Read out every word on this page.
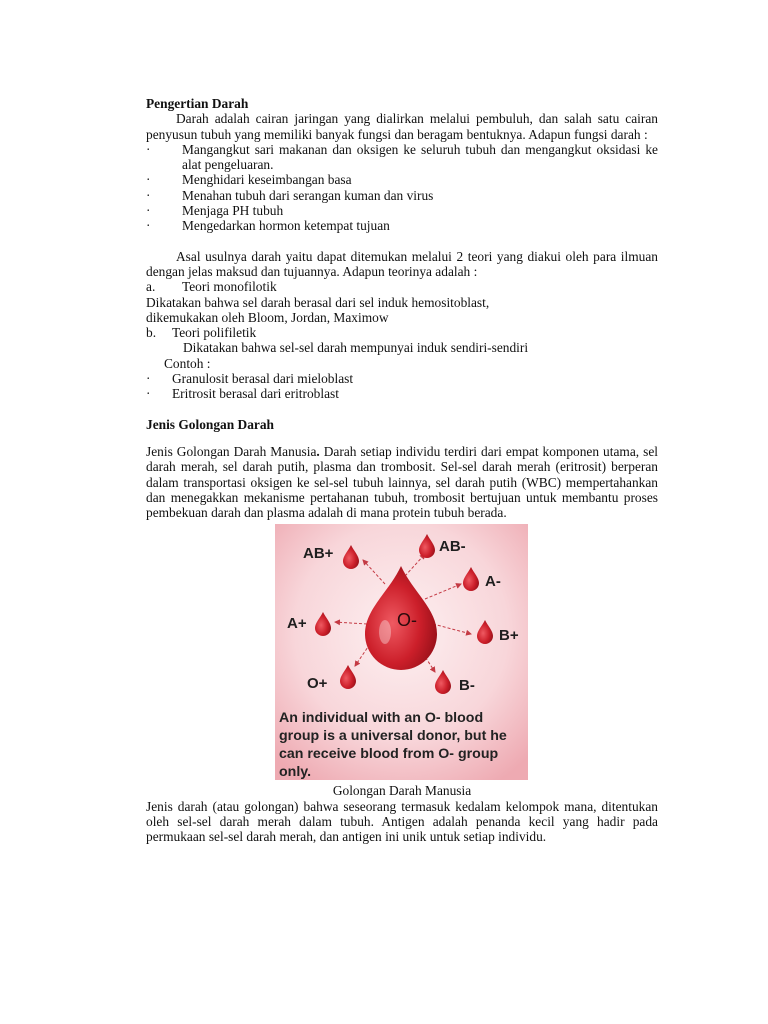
Pengertian Darah

Darah adalah cairan jaringan yang dialirkan melalui pembuluh, dan salah satu cairan penyusun tubuh yang memiliki banyak fungsi dan beragam bentuknya. Adapun fungsi darah :

·	Mangangkut sari makanan dan oksigen ke seluruh tubuh dan mengangkut oksidasi ke alat pengeluaran.
·	Menghidari keseimbangan basa
·	Menahan tubuh dari serangan kuman dan virus
·	Menjaga PH tubuh
·	Mengedarkan hormon ketempat tujuan

Asal usulnya darah yaitu dapat ditemukan melalui 2 teori yang diakui oleh para ilmuan dengan jelas maksud dan tujuannya. Adapun teorinya adalah :

a.	Teori monofilotik

Dikatakan bahwa sel darah berasal dari sel induk hemositoblast,

dikemukakan oleh Bloom, Jordan, Maximow

b.	Teori polifiletik

Dikatakan bahwa sel-sel darah mempunyai induk sendiri-sendiri

Contoh :

·	Granulosit berasal dari mieloblast
·	Eritrosit berasal dari eritroblast

Jenis Golongan Darah

Jenis Golongan Darah Manusia. Darah setiap individu terdiri dari empat komponen utama, sel darah merah, sel darah putih, plasma dan trombosit. Sel-sel darah merah (eritrosit) berperan dalam transportasi oksigen ke sel-sel tubuh lainnya, sel darah putih (WBC) mempertahankan dan menegakkan mekanisme pertahanan tubuh, trombosit bertujuan untuk membantu proses pembekuan darah dan plasma adalah di mana protein tubuh berada.

O-
AB+	AB-
A-
B+
B-
O+
A+
An individual with an O- blood
group is a universal donor, but he
can receive blood from O- group
only.

Golongan Darah Manusia

Jenis darah (atau golongan) bahwa seseorang termasuk kedalam kelompok mana, ditentukan oleh sel-sel darah merah dalam tubuh. Antigen adalah penanda kecil yang hadir pada permukaan sel-sel darah merah, dan antigen ini unik untuk setiap individu.
